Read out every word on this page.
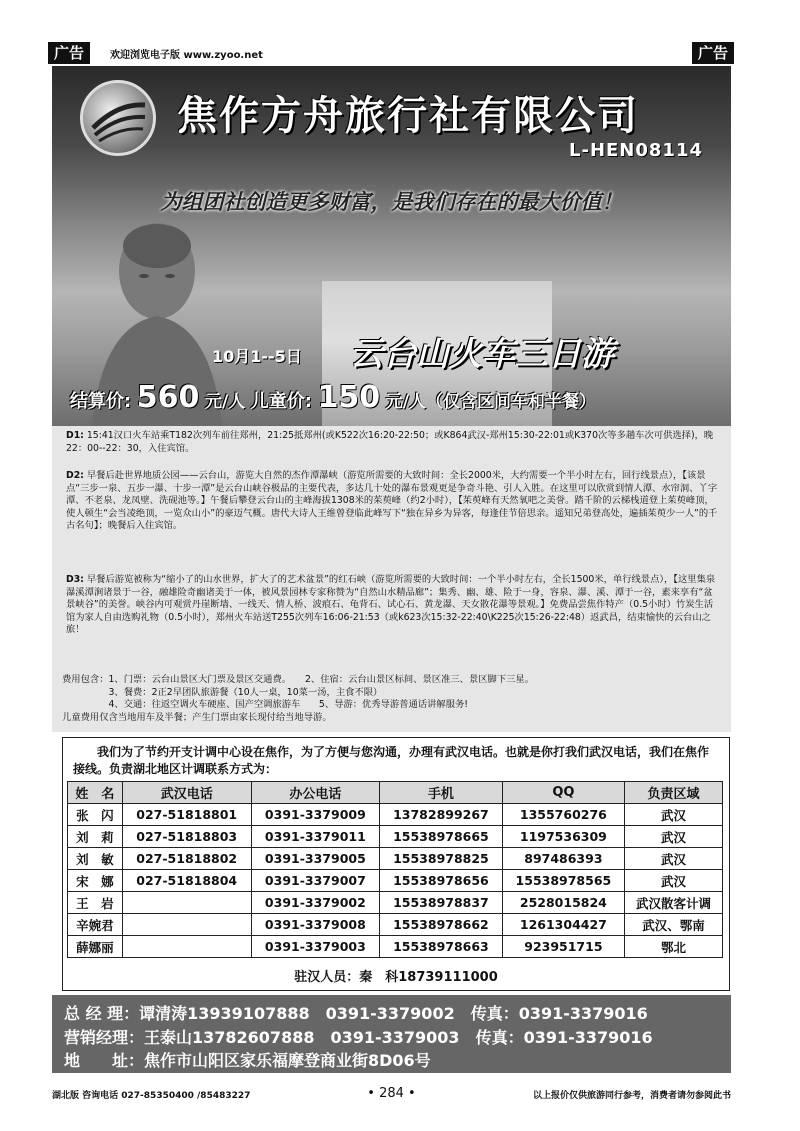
广告	欢迎浏览电子版 www.zyoo.net	广告
焦作方舟旅行社有限公司
L-HEN08114
为组团社创造更多财富，是我们存在的最大价值！
10月1--5日 云台山火车三日游
结算价: 560 元/人 儿童价: 150 元/人（仅含区间车和半餐）
D1: 15:41汉口火车站乘T182次列车前往郑州，21:25抵郑州(或K522次16:20-22:50；或K864武汉-郑州15:30-22:01或K370次等多趟车次可供选择)，晚22：00--22：30，入住宾馆。
D2: 早餐后赴世界地质公园——云台山，游览大自然的杰作潭瀑峡（游览所需要的大致时间：全长2000米，大约需要一个半小时左右，回行线景点），【该景点“三步一泉、五步一瀑、十步一潭”是云台山峡谷极品的主要代表，多达几十处的瀑布景观更是争奇斗艳、引人入胜。在这里可以欣赏到情人潭、水帘洞、丫字潭、不老泉、龙凤壁、洗砚池等。】午餐后攀登云台山的主峰海拔1308米的茱萸峰（约2小时），【茱萸峰有天然氧吧之美誉。踏千阶的云梯栈道登上茱萸峰顶，使人顿生“会当凌绝顶，一览众山小”的豪迈气概。唐代大诗人王维曾登临此峰写下“独在异乡为异客，每逢佳节倍思亲。遥知兄弟登高处，遍插茱萸少一人”的千古名句】；晚餐后入住宾馆。
D3: 早餐后游览被称为“缩小了的山水世界，扩大了的艺术盆景”的红石峡（游览所需要的大致时间：一个半小时左右，全长1500米，单行线景点），【这里集泉瀑溪潭涧诸景于一谷，融雄险奇幽诸美于一体，被风景园林专家称赞为“自然山水精品廊”；集秀、幽、雄、险于一身，容泉、瀑、溪、潭于一谷，素来享有“盆景峡谷”的美誉。峡谷内可观赏丹崖断墙、一线天、情人桥、波痕石、龟背石、试心石、黄龙瀑、天女散花瀑等景观。】免费品尝焦作特产（0.5小时）竹炭生活馆为家人自由选购礼物（0.5小时），郑州火车站送T255次列车16:06-21:53（或k623次15:32-22:40\K225次15:26-22:48）返武昌，结束愉快的云台山之旅！
费用包含：1、门票：云台山景区大门票及景区交通费。　　2、住宿：云台山景区标间、景区准三、景区脚下三星。
　　　　　3、餐费：2正2早团队旅游餐（10人一桌，10菜一汤，主食不限）
　　　　　4、交通：往返空调火车硬座、国产空调旅游车　　5、导游：优秀导游普通话讲解服务!
儿童费用仅含当地用车及半餐；产生门票由家长现付给当地导游。
我们为了节约开支计调中心设在焦作，为了方便与您沟通，办理有武汉电话。也就是你打我们武汉电话，我们在焦作接线。负责湖北地区计调联系方式为：
姓　名	武汉电话	办公电话	手机	QQ	负责区域
张　闪	027-51818801	0391-3379009	13782899267	1355760276	武汉
刘　莉	027-51818803	0391-3379011	15538978665	1197536309	武汉
刘　敏	027-51818802	0391-3379005	15538978825	897486393	武汉
宋　娜	027-51818804	0391-3379007	15538978656	15538978565	武汉
王　岩		0391-3379002	15538978837	2528015824	武汉散客计调
辛婉君		0391-3379008	15538978662	1261304427	武汉、鄂南
薛娜丽		0391-3379003	15538978663	923951715	鄂北
驻汉人员：秦　科18739111000
总 经 理：谭清涛13939107888　0391-3379002　传真：0391-3379016
营销经理：王泰山13782607888　0391-3379003　传真：0391-3379016
地　　址：焦作市山阳区家乐福摩登商业街8D06号
湖北版 咨询电话 027-85350400 /85483227	• 284 •	以上报价仅供旅游同行参考，消费者请勿参阅此书
